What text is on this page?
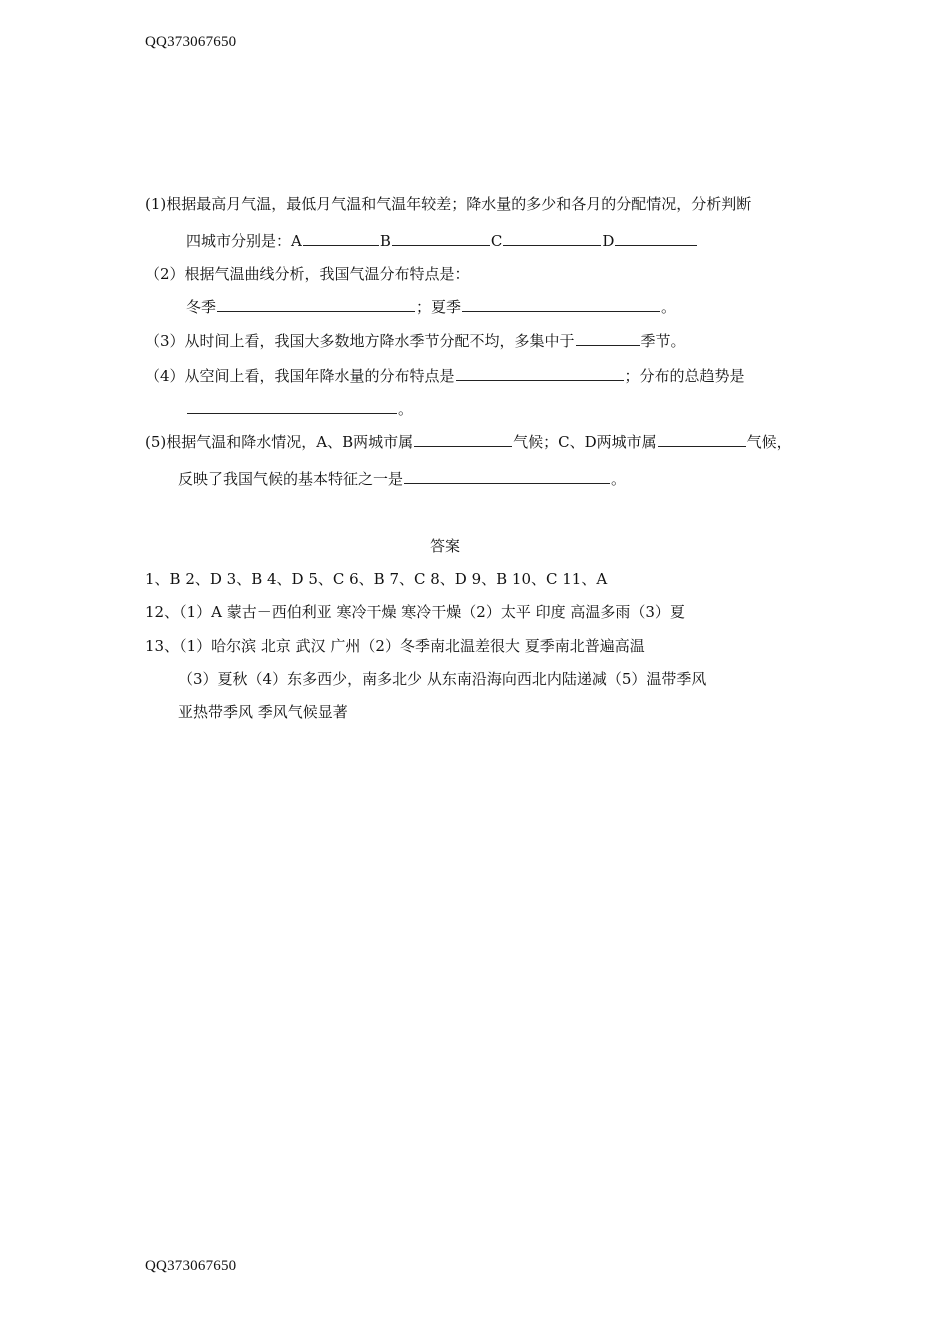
QQ373067650
(1)根据最高月气温，最低月气温和气温年较差；降水量的多少和各月的分配情况，分析判断
四城市分别是：A	B	C	D
（2）根据气温曲线分析，我国气温分布特点是：
冬季	；夏季	。
（3）从时间上看，我国大多数地方降水季节分配不均，多集中于	季节。
（4）从空间上看，我国年降水量的分布特点是	；分布的总趋势是
。
(5)根据气温和降水情况，A、B两城市属	气候；C、D两城市属	气候，
反映了我国气候的基本特征之一是	。
答案
1、B 2、D 3、B 4、D 5、C 6、B 7、C 8、D 9、B 10、C 11、A
12、（1）A 蒙古－西伯利亚 寒冷干燥 寒冷干燥（2）太平 印度 高温多雨（3）夏
13、（1）哈尔滨 北京 武汉 广州（2）冬季南北温差很大 夏季南北普遍高温
（3）夏秋（4）东多西少，南多北少 从东南沿海向西北内陆递减（5）温带季风
亚热带季风 季风气候显著
QQ373067650
